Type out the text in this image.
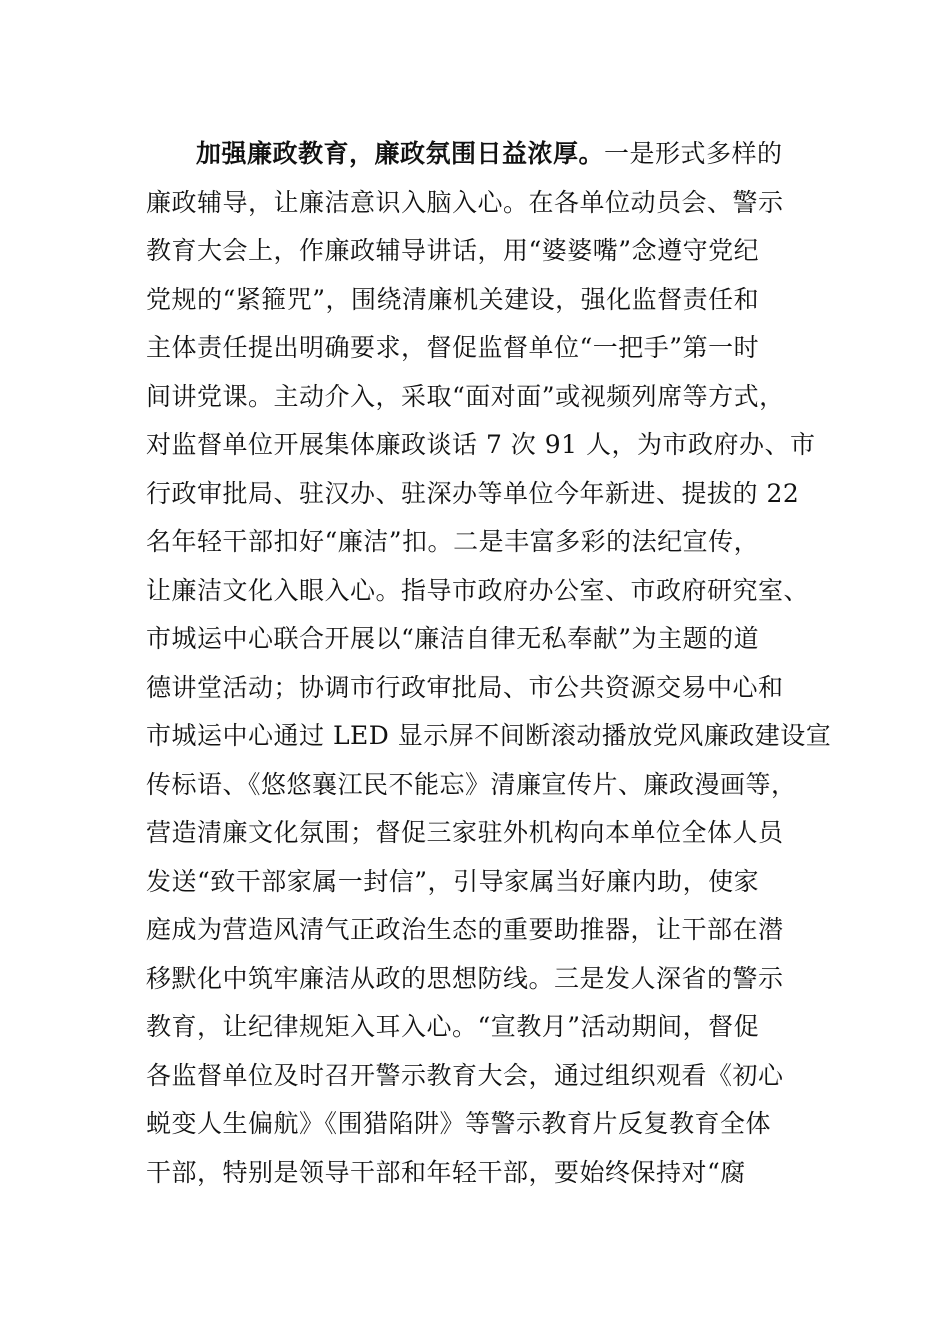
加强廉政教育，廉政氛围日益浓厚。一是形式多样的
廉政辅导，让廉洁意识入脑入心。在各单位动员会、警示
教育大会上，作廉政辅导讲话，用“婆婆嘴”念遵守党纪
党规的“紧箍咒”，围绕清廉机关建设，强化监督责任和
主体责任提出明确要求，督促监督单位“一把手”第一时
间讲党课。主动介入，采取“面对面”或视频列席等方式，
对监督单位开展集体廉政谈话 7 次 91 人，为市政府办、市
行政审批局、驻汉办、驻深办等单位今年新进、提拔的 22
名年轻干部扣好“廉洁”扣。二是丰富多彩的法纪宣传，
让廉洁文化入眼入心。指导市政府办公室、市政府研究室、
市城运中心联合开展以“廉洁自律无私奉献”为主题的道
德讲堂活动；协调市行政审批局、市公共资源交易中心和
市城运中心通过 LED 显示屏不间断滚动播放党风廉政建设宣
传标语、《悠悠襄江民不能忘》清廉宣传片、廉政漫画等，
营造清廉文化氛围；督促三家驻外机构向本单位全体人员
发送“致干部家属一封信”，引导家属当好廉内助，使家
庭成为营造风清气正政治生态的重要助推器，让干部在潜
移默化中筑牢廉洁从政的思想防线。三是发人深省的警示
教育，让纪律规矩入耳入心。“宣教月”活动期间，督促
各监督单位及时召开警示教育大会，通过组织观看《初心
蜕变人生偏航》《围猎陷阱》等警示教育片反复教育全体
干部，特别是领导干部和年轻干部，要始终保持对“腐
